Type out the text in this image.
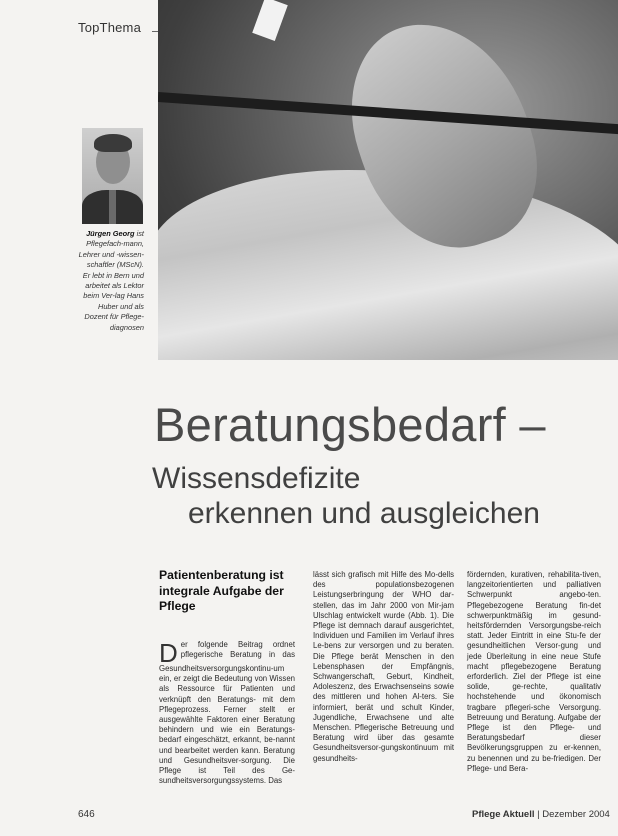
TopThema
Jürgen Georg ist Pflegefach-mann, Lehrer und -wissen-schaftler (MScN). Er lebt in Bern und arbeitet als Lektor beim Ver-lag Hans Huber und als Dozent für Pflege-diagnosen
Beratungsbedarf –
Wissensdefizite
erkennen und ausgleichen
Patientenberatung ist integrale Aufgabe der Pflege
D er folgende Beitrag ordnet pflegerische Beratung in das Gesundheitsversorgungskontinu-um ein, er zeigt die Bedeutung von Wissen als Ressource für Patienten und verknüpft den Beratungs- mit dem Pflegeprozess. Ferner stellt er ausgewählte Faktoren einer Beratung behindern und wie ein Beratungs-bedarf eingeschätzt, erkannt, be-nannt und bearbeitet werden kann. Beratung und Gesundheitsver-sorgung. Die Pflege ist Teil des Ge-sundheitsversorgungssystems. Das
lässt sich grafisch mit Hilfe des Mo-dells des populationsbezogenen Leistungserbringung der WHO dar-stellen, das im Jahr 2000 von Mir-jam Ulschlag entwickelt wurde (Abb. 1). Die Pflege ist demnach darauf ausgerichtet, Individuen und Familien im Verlauf ihres Le-bens zur versorgen und zu beraten. Die Pflege berät Menschen in den Lebensphasen der Empfängnis, Schwangerschaft, Geburt, Kindheit, Adoleszenz, des Erwachsenseins sowie des mittleren und hohen Al-ters. Sie informiert, berät und schult Kinder, Jugendliche, Erwachsene und alte Menschen. Pflegerische Betreuung und Beratung wird über das gesamte Gesundheitsversor-gungskontinuum mit gesundheits-
fördernden, kurativen, rehabilita-tiven, langzeitorientierten und palliativen Schwerpunkt angebo-ten. Pflegebezogene Beratung fin-det schwerpunktmäßig im gesund-heitsfördernden Versorgungsbe-reich statt. Jeder Eintritt in eine Stu-fe der gesundheitlichen Versor-gung und jede Überleitung in eine neue Stufe macht pflegebezogene Beratung erforderlich. Ziel der Pflege ist eine solide, ge-rechte, qualitativ hochstehende und ökonomisch tragbare pflegeri-sche Versorgung. Betreuung und Beratung. Aufgabe der Pflege ist den Pflege- und Beratungsbedarf dieser Bevölkerungsgruppen zu er-kennen, zu benennen und zu be-friedigen. Der Pflege- und Bera-
646	Pflege Aktuell | Dezember 2004
